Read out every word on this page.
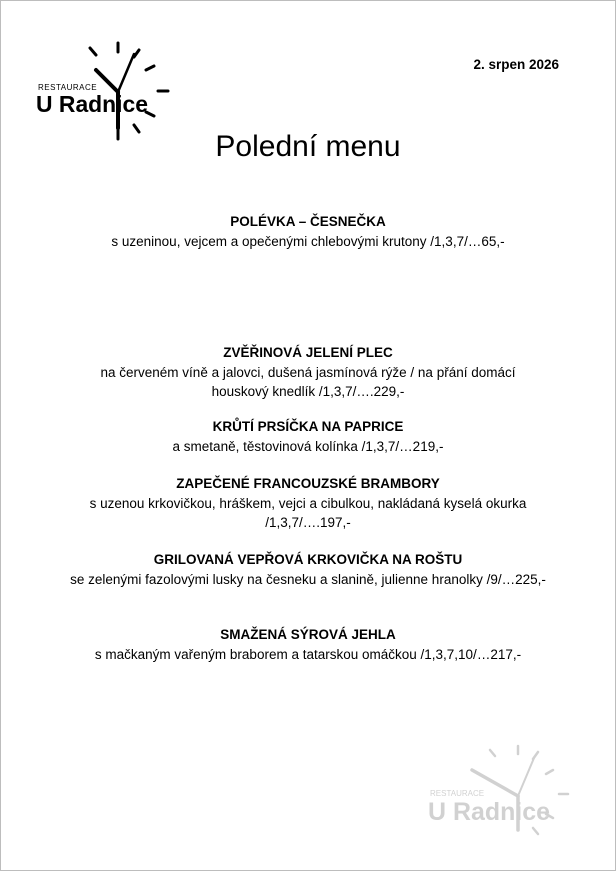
RESTAURACE
U Radnice
2. srpen 2026
Polední menu
POLÉVKA – ČESNEČKA
s uzeninou, vejcem a opečenými chlebovými krutony /1,3,7/…65,-
ZVĚŘINOVÁ JELENÍ PLEC
na červeném víně a jalovci, dušená jasmínová rýže / na přání domácí houskový knedlík /1,3,7/….229,-
KRŮTÍ PRSÍČKA NA PAPRICE
a smetaně, těstovinová kolínka /1,3,7/…219,-
ZAPEČENÉ FRANCOUZSKÉ BRAMBORY
s uzenou krkovičkou, hráškem, vejci a cibulkou, nakládaná kyselá okurka /1,3,7/….197,-
GRILOVANÁ VEPŘOVÁ KRKOVIČKA NA ROŠTU
se zelenými fazolovými lusky na česneku a slanině, julienne hranolky /9/…225,-
SMAŽENÁ SÝROVÁ JEHLA
s mačkaným vařeným braborem a tatarskou omáčkou /1,3,7,10/…217,-
RESTAURACE
U Radnice
